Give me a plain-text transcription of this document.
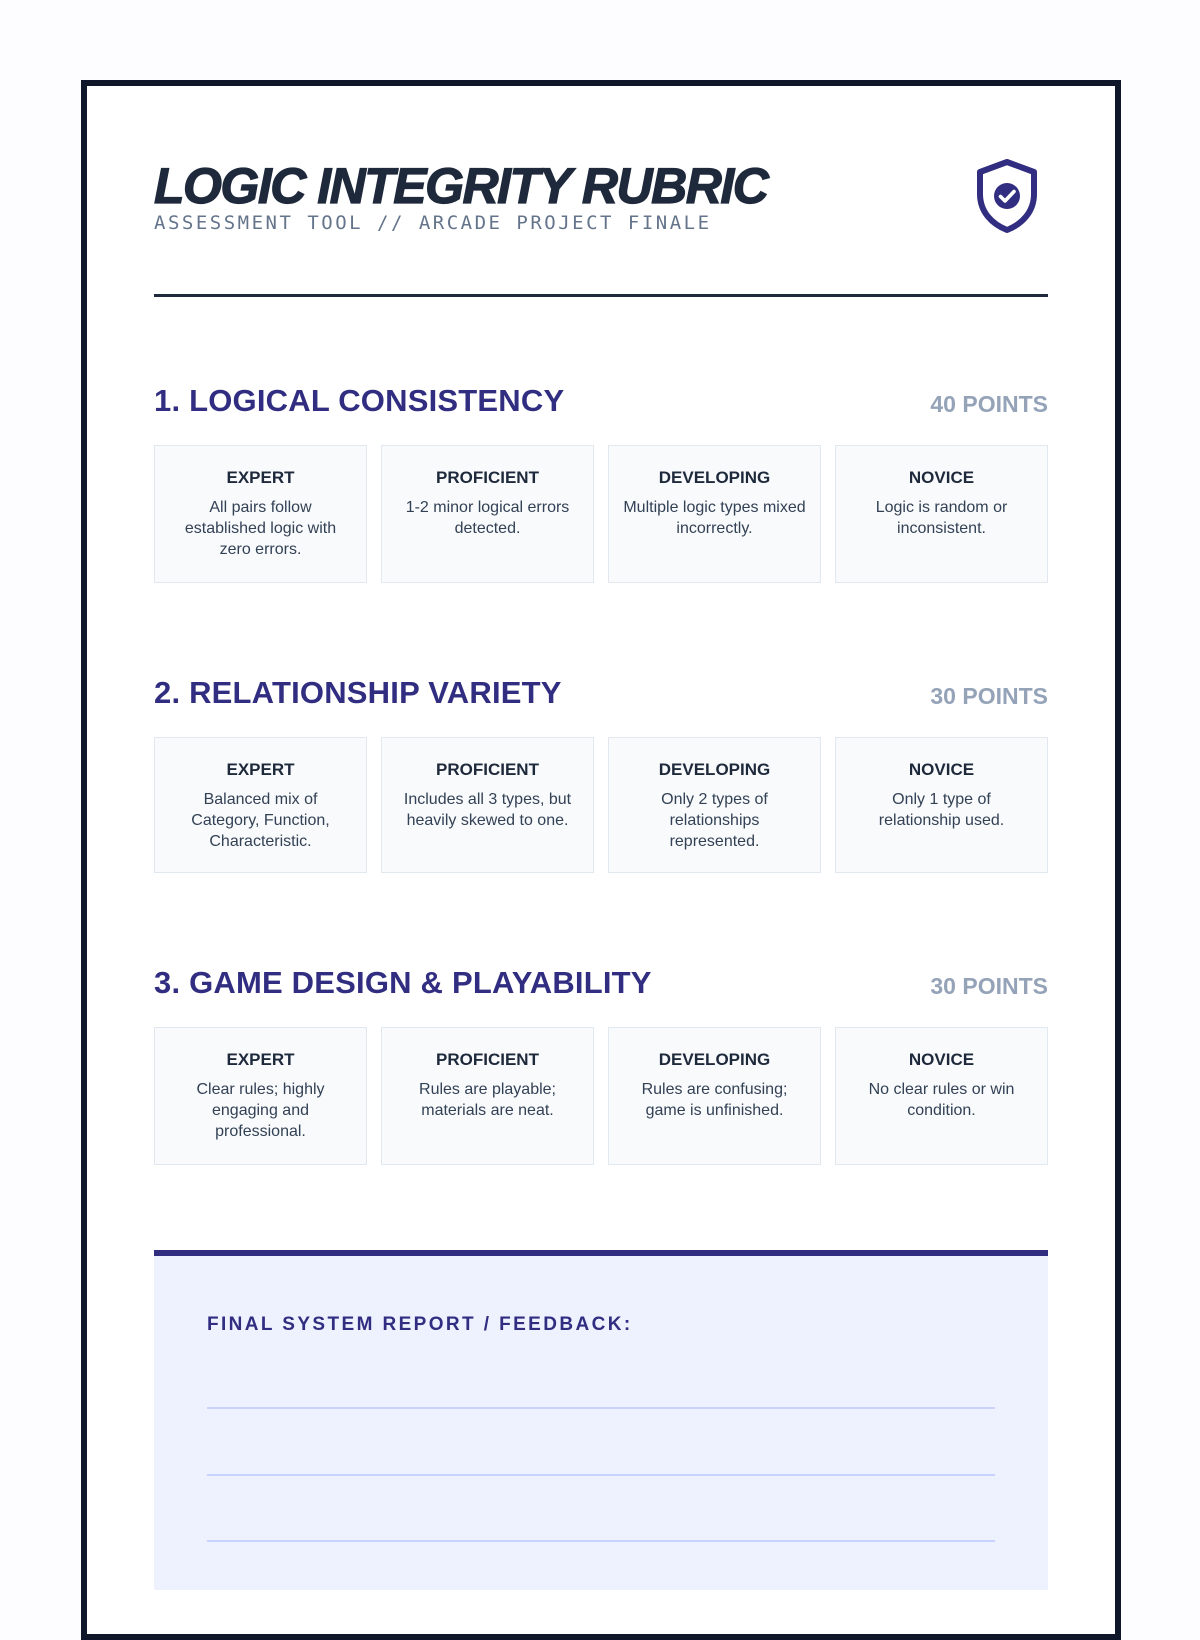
LOGIC INTEGRITY RUBRIC
ASSESSMENT TOOL // ARCADE PROJECT FINALE
1. LOGICAL CONSISTENCY	40 POINTS
EXPERT
All pairs follow established logic with zero errors.
PROFICIENT
1-2 minor logical errors detected.
DEVELOPING
Multiple logic types mixed incorrectly.
NOVICE
Logic is random or inconsistent.
2. RELATIONSHIP VARIETY	30 POINTS
EXPERT
Balanced mix of Category, Function, Characteristic.
PROFICIENT
Includes all 3 types, but heavily skewed to one.
DEVELOPING
Only 2 types of relationships represented.
NOVICE
Only 1 type of relationship used.
3. GAME DESIGN & PLAYABILITY	30 POINTS
EXPERT
Clear rules; highly engaging and professional.
PROFICIENT
Rules are playable; materials are neat.
DEVELOPING
Rules are confusing; game is unfinished.
NOVICE
No clear rules or win condition.
FINAL SYSTEM REPORT / FEEDBACK:
